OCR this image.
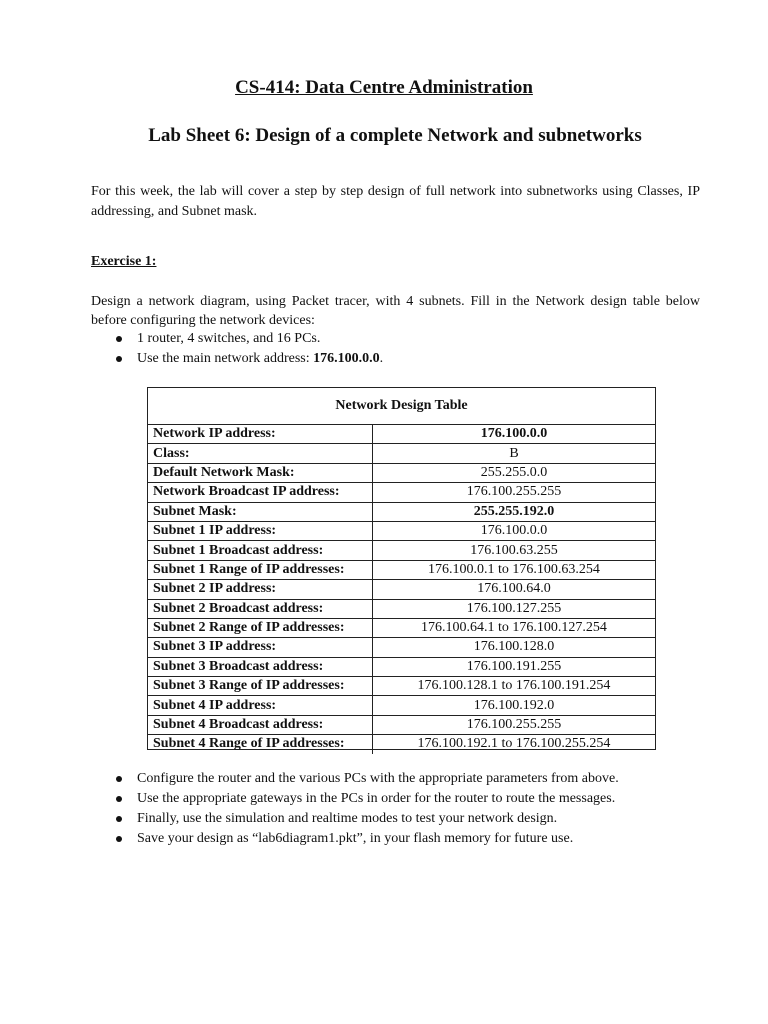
CS-414: Data Centre Administration
Lab Sheet 6: Design of a complete Network and subnetworks

For this week, the lab will cover a step by step design of full network into subnetworks using Classes, IP addressing, and Subnet mask.

Exercise 1:

Design a network diagram, using Packet tracer, with 4 subnets. Fill in the Network design table below before configuring the network devices:

1 router, 4 switches, and 16 PCs.
Use the main network address: 176.100.0.0.
Network Design Table
Network IP address:	176.100.0.0
Class:	B
Default Network Mask:	255.255.0.0
Network Broadcast IP address:	176.100.255.255
Subnet Mask:	255.255.192.0
Subnet 1 IP address:	176.100.0.0
Subnet 1 Broadcast address:	176.100.63.255
Subnet 1 Range of IP addresses:	176.100.0.1 to 176.100.63.254
Subnet 2 IP address:	176.100.64.0
Subnet 2 Broadcast address:	176.100.127.255
Subnet 2 Range of IP addresses:	176.100.64.1 to 176.100.127.254
Subnet 3 IP address:	176.100.128.0
Subnet 3 Broadcast address:	176.100.191.255
Subnet 3 Range of IP addresses:	176.100.128.1 to 176.100.191.254
Subnet 4 IP address:	176.100.192.0
Subnet 4 Broadcast address:	176.100.255.255
Subnet 4 Range of IP addresses:	176.100.192.1 to 176.100.255.254
Configure the router and the various PCs with the appropriate parameters from above.
Use the appropriate gateways in the PCs in order for the router to route the messages.
Finally, use the simulation and realtime modes to test your network design.
Save your design as “lab6diagram1.pkt”, in your flash memory for future use.
